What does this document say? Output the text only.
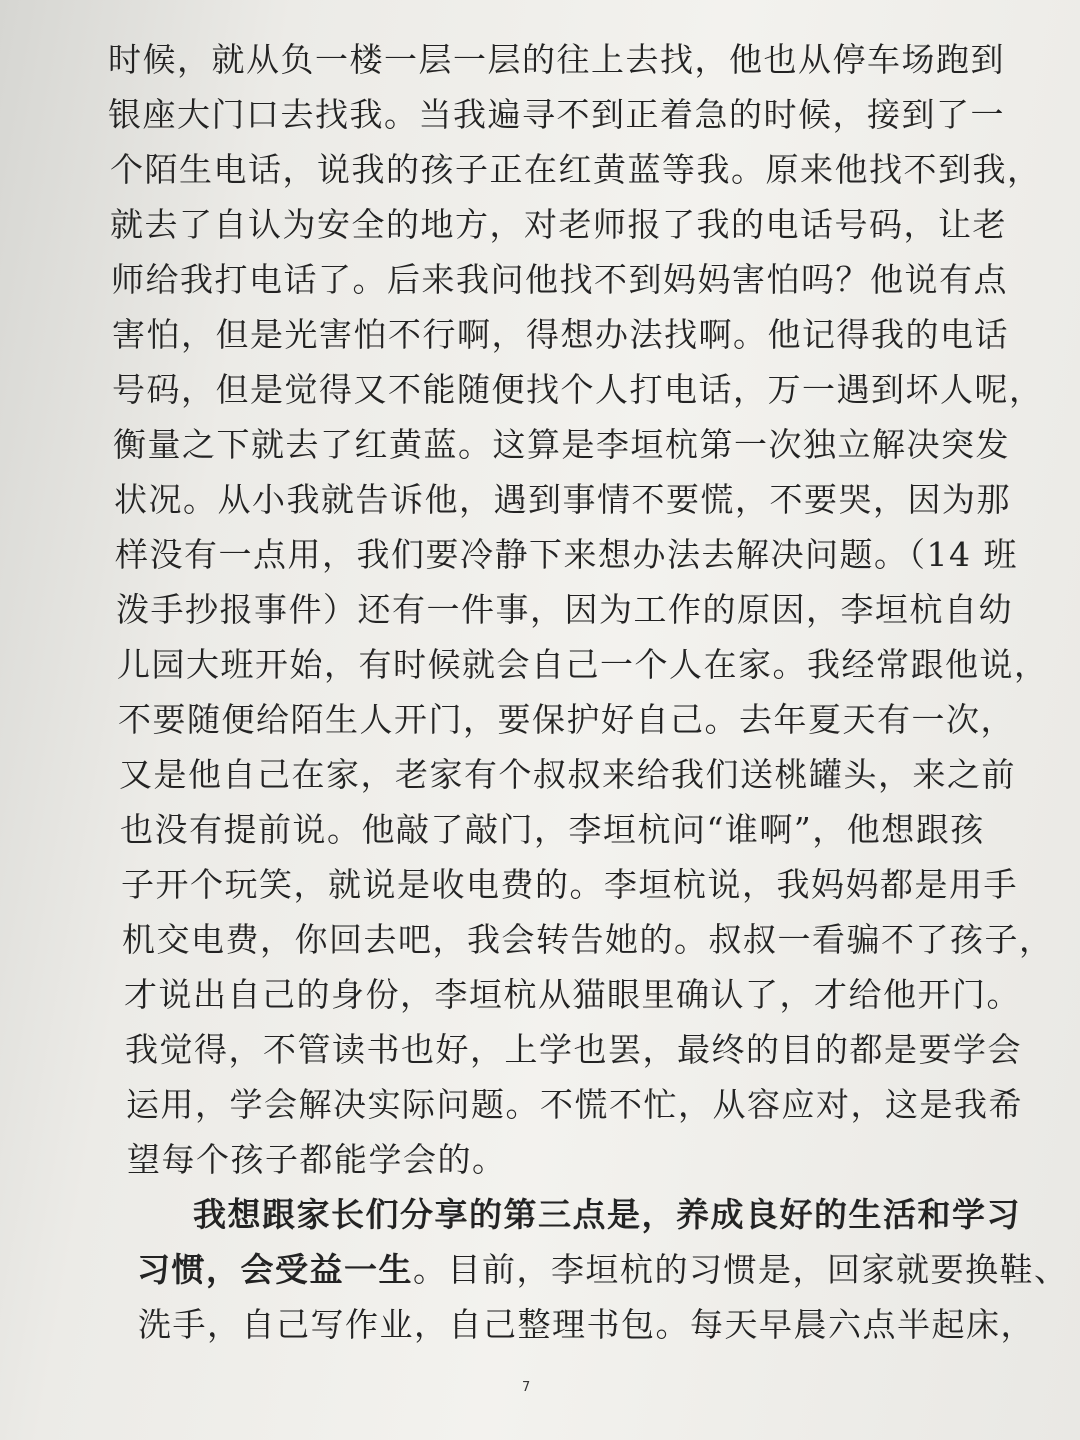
时候，就从负一楼一层一层的往上去找，他也从停车场跑到
银座大门口去找我。当我遍寻不到正着急的时候，接到了一
个陌生电话，说我的孩子正在红黄蓝等我。原来他找不到我，
就去了自认为安全的地方，对老师报了我的电话号码，让老
师给我打电话了。后来我问他找不到妈妈害怕吗？他说有点
害怕，但是光害怕不行啊，得想办法找啊。他记得我的电话
号码，但是觉得又不能随便找个人打电话，万一遇到坏人呢，
衡量之下就去了红黄蓝。这算是李垣杭第一次独立解决突发
状况。从小我就告诉他，遇到事情不要慌，不要哭，因为那
样没有一点用，我们要冷静下来想办法去解决问题。（14 班
泼手抄报事件）还有一件事，因为工作的原因，李垣杭自幼
儿园大班开始，有时候就会自己一个人在家。我经常跟他说，
不要随便给陌生人开门，要保护好自己。去年夏天有一次，
又是他自己在家，老家有个叔叔来给我们送桃罐头，来之前
也没有提前说。他敲了敲门，李垣杭问“谁啊”，他想跟孩
子开个玩笑，就说是收电费的。李垣杭说，我妈妈都是用手
机交电费，你回去吧，我会转告她的。叔叔一看骗不了孩子，
才说出自己的身份，李垣杭从猫眼里确认了，才给他开门。
我觉得，不管读书也好，上学也罢，最终的目的都是要学会
运用，学会解决实际问题。不慌不忙，从容应对，这是我希
望每个孩子都能学会的。
我想跟家长们分享的第三点是，养成良好的生活和学习
习惯，会受益一生。目前，李垣杭的习惯是，回家就要换鞋、
洗手，自己写作业，自己整理书包。每天早晨六点半起床，
7
